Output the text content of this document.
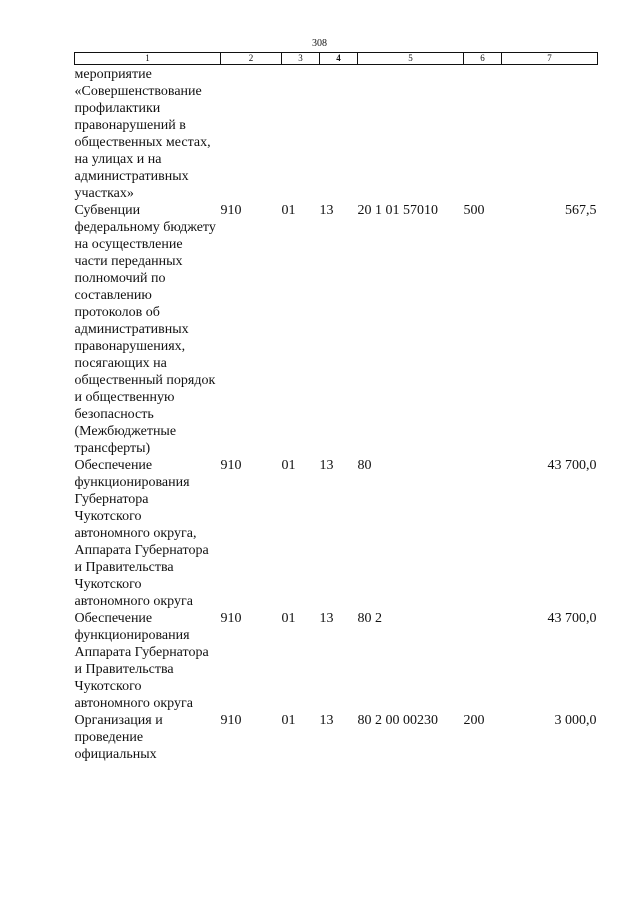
308
1	2	3	4	5	6	7
мероприятие «Совершенствование профилактики правонарушений в общественных местах, на улицах и на административных участках»						
Субвенции федеральному бюджету на осуществление части переданных полномочий по составлению протоколов об административных правонарушениях, посягающих на общественный порядок и общественную безопасность (Межбюджетные трансферты)	910	01	13	20 1 01 57010	500	567,5
Обеспечение функционирования Губернатора Чукотского автономного округа, Аппарата Губернатора и Правительства Чукотского автономного округа	910	01	13	80		43 700,0
Обеспечение функционирования Аппарата Губернатора и Правительства Чукотского автономного округа	910	01	13	80 2		43 700,0
Организация и проведение официальных	910	01	13	80 2 00 00230	200	3 000,0
